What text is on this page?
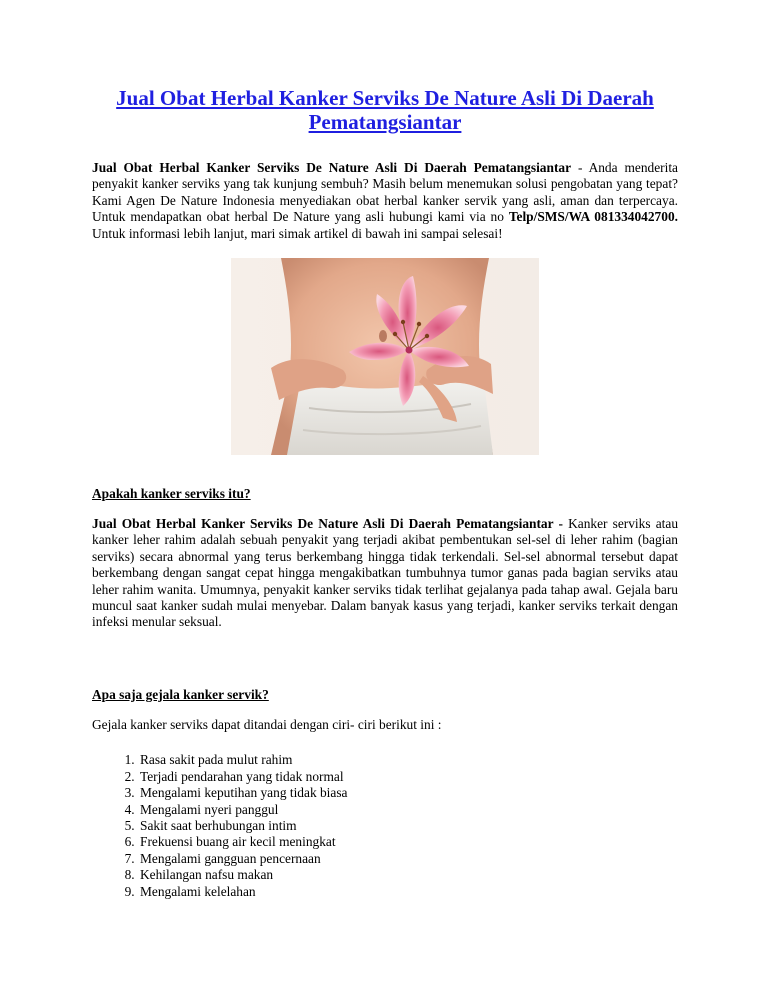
Jual Obat Herbal Kanker Serviks De Nature Asli Di Daerah Pematangsiantar

Jual Obat Herbal Kanker Serviks De Nature Asli Di Daerah Pematangsiantar - Anda menderita penyakit kanker serviks yang tak kunjung sembuh? Masih belum menemukan solusi pengobatan yang tepat? Kami Agen De Nature Indonesia menyediakan obat herbal kanker servik yang asli, aman dan terpercaya. Untuk mendapatkan obat herbal De Nature yang asli hubungi kami via no Telp/SMS/WA 081334042700. Untuk informasi lebih lanjut, mari simak artikel di bawah ini sampai selesai!

Apakah kanker serviks itu?

Jual Obat Herbal Kanker Serviks De Nature Asli Di Daerah Pematangsiantar - Kanker serviks atau kanker leher rahim adalah sebuah penyakit yang terjadi akibat pembentukan sel-sel di leher rahim (bagian serviks) secara abnormal yang terus berkembang hingga tidak terkendali. Sel-sel abnormal tersebut dapat berkembang dengan sangat cepat hingga mengakibatkan tumbuhnya tumor ganas pada bagian serviks atau leher rahim wanita. Umumnya, penyakit kanker serviks tidak terlihat gejalanya pada tahap awal. Gejala baru muncul saat kanker sudah mulai menyebar. Dalam banyak kasus yang terjadi, kanker serviks terkait dengan infeksi menular seksual.

Apa saja gejala kanker servik?

Gejala kanker serviks dapat ditandai dengan ciri- ciri berikut ini :

1. Rasa sakit pada mulut rahim
2. Terjadi pendarahan yang tidak normal
3. Mengalami keputihan yang tidak biasa
4. Mengalami nyeri panggul
5. Sakit saat berhubungan intim
6. Frekuensi buang air kecil meningkat
7. Mengalami gangguan pencernaan
8. Kehilangan nafsu makan
9. Mengalami kelelahan
